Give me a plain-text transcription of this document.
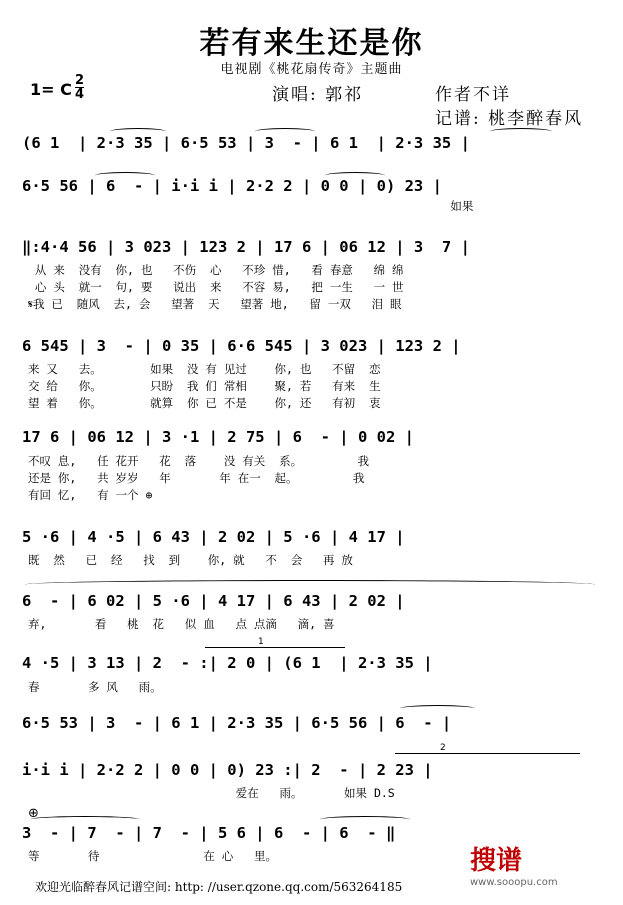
若有来生还是你
电视剧《桃花扇传奇》主题曲
1= C 2
4	演唱: 郭祁	作者不详
记谱: 桃李醉春风
(6 1  | 2·3 35 | 6·5 53 | 3  - | 6 1  | 2·3 35 |
6·5 56 | 6  - | i·i i | 2·2 2 | 0 0 | 0) 23 |
如果
‖:4·4 56 | 3 023 | 123 2 | 17 6 | 06 12 | 3  7 |
从 来  没有  你, 也   不伤  心   不珍 惜,   看 春意   绵 绵
心 头  就一  句, 要   说出  来   不容 易,   把 一生   一 世
𝄋我 已  随风  去, 会   望著  天   望著 地,   留 一双   泪 眼
6 545 | 3  - | 0 35 | 6·6 545 | 3 023 | 123 2 |
来 又   去。       如果  没 有 见过    你, 也   不留  恋
交 给   你。       只盼  我 们 常相    聚, 若   有来  生
望 着   你。       就算  你 已 不是    你, 还   有初  衷
17 6 | 06 12 | 3 ·1 | 2 75 | 6  - | 0 02 |
不叹 息,   任 花开   花  落    没 有关  系。        我
还是 你,   共 岁岁   年       年 在一  起。        我
有回 忆,   有 一个 ⊕
5 ·6 | 4 ·5 | 6 43 | 2 02 | 5 ·6 | 4 17 |
既  然   已  经   找  到    你, 就   不  会   再 放
6  - | 6 02 | 5 ·6 | 4 17 | 6 43 | 2 02 |
弃,       看   桃  花   似 血   点 点滴   滴, 喜
1
4 ·5 | 3 13 | 2  - :| 2 0 | (6 1  | 2·3 35 |
春       多 风   雨。
6·5 53 | 3  - | 6 1 | 2·3 35 | 6·5 56 | 6  - |
2
i·i i | 2·2 2 | 0 0 | 0) 23 :| 2  - | 2 23 |
爱在   雨。      如果 D.S
⊕
3  - | 7  - | 7  - | 5 6 | 6  - | 6  - ‖
等       待               在 心   里。
欢迎光临醉春风记谱空间: http: //user.qzone.qq.com/563264185
搜谱
www.sooopu.com
